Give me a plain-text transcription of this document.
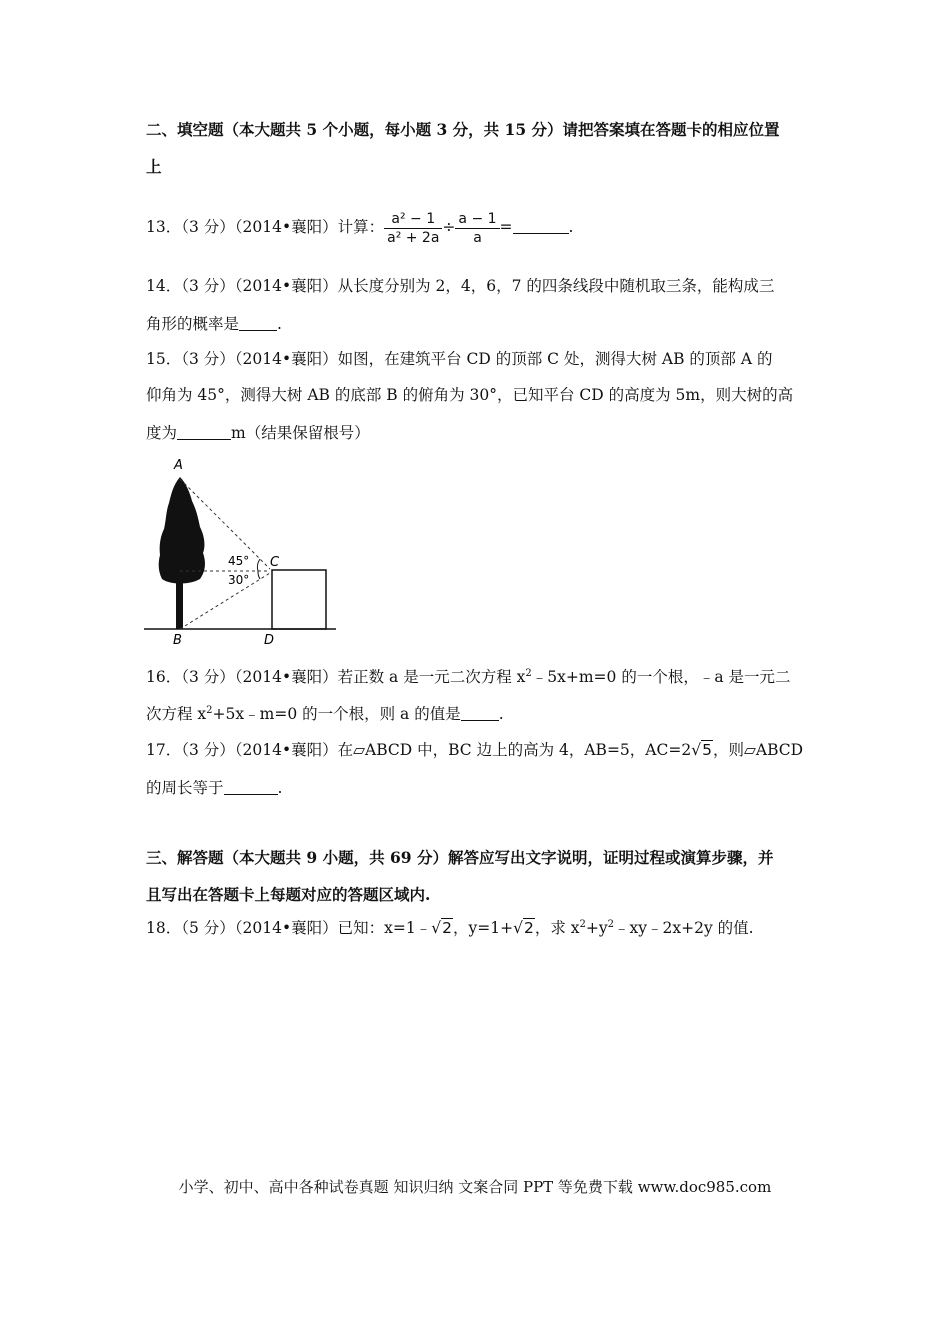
二、填空题（本大题共 5 个小题，每小题 3 分，共 15 分）请把答案填在答题卡的相应位置
上
13．（3 分）（2014•襄阳）计算： $\frac{\text{a² − 1}}{\text{a² + 2a}} \div \frac{a - 1}{a}$ =	.
14．（3 分）（2014•襄阳）从长度分别为 2，4，6，7 的四条线段中随机取三条，能构成三
角形的概率是 .
15．（3 分）（2014•襄阳）如图，在建筑平台 CD 的顶部 C 处，测得大树 AB 的顶部 A 的
仰角为 45°，测得大树 AB 的底部 B 的俯角为 30°，已知平台 CD 的高度为 5m，则大树的高
度为	m（结果保留根号）
A
B
C
D
45°
30°
16．（3 分）（2014•襄阳）若正数 a 是一元二次方程 $x^2﹣5x+m=0$ 的一个根，﹣a 是一元二
次方程 $x^2+5x﹣m=0$ 的一个根，则 a 的值是 .
17．（3 分）（2014•襄阳）在▱ABCD 中，BC 边上的高为 4，AB=5，AC=2√5，则▱ABCD
的周长等于	.
三、解答题（本大题共 9 小题，共 69 分）解答应写出文字说明，证明过程或演算步骤，并
且写出在答题卡上每题对应的答题区域内.
18．（5 分）（2014•襄阳）已知：x=1﹣√2，y=1+√2，求 $x^2+y^2﹣xy﹣2x+2y$ 的值.
小学、初中、高中各种试卷真题 知识归纳 文案合同 PPT 等免费下载 www.doc985.com
